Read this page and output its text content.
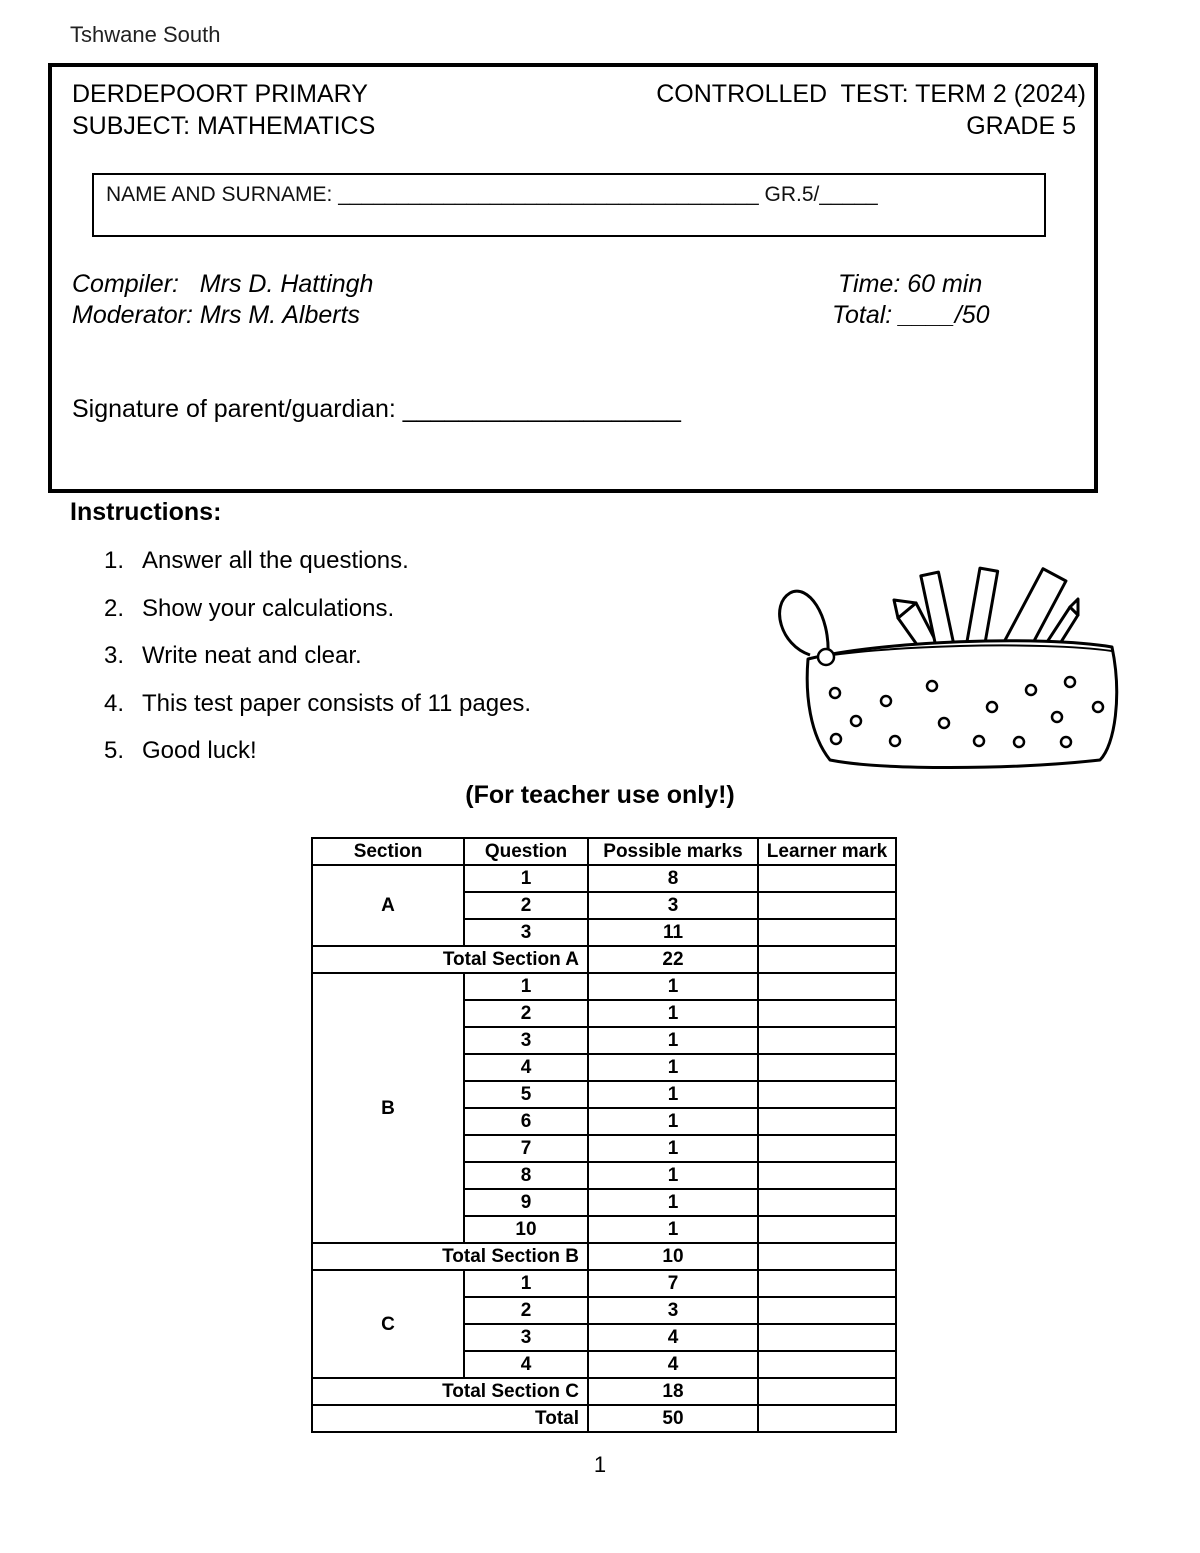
Tshwane South
DERDEPOORT PRIMARY
SUBJECT: MATHEMATICS
CONTROLLED  TEST: TERM 2 (2024)
GRADE 5
NAME AND SURNAME: ____________________________________ GR.5/_____
Compiler:   Mrs D. Hattingh
Moderator: Mrs M. Alberts
Time: 60 min
Total: ____/50
Signature of parent/guardian: ____________________
Instructions:
1. Answer all the questions.
2. Show your calculations.
3. Write neat and clear.
4. This test paper consists of 11 pages.
5. Good luck!
(For teacher use only!)
Section	Question	Possible marks	Learner mark
A	1	8	
	2	3	
	3	11	
Total Section A		22	
B	1	1	
	2	1	
	3	1	
	4	1	
	5	1	
	6	1	
	7	1	
	8	1	
	9	1	
	10	1	
Total Section B		10	
C	1	7	
	2	3	
	3	4	
	4	4	
Total Section C		18	
Total		50	
1
